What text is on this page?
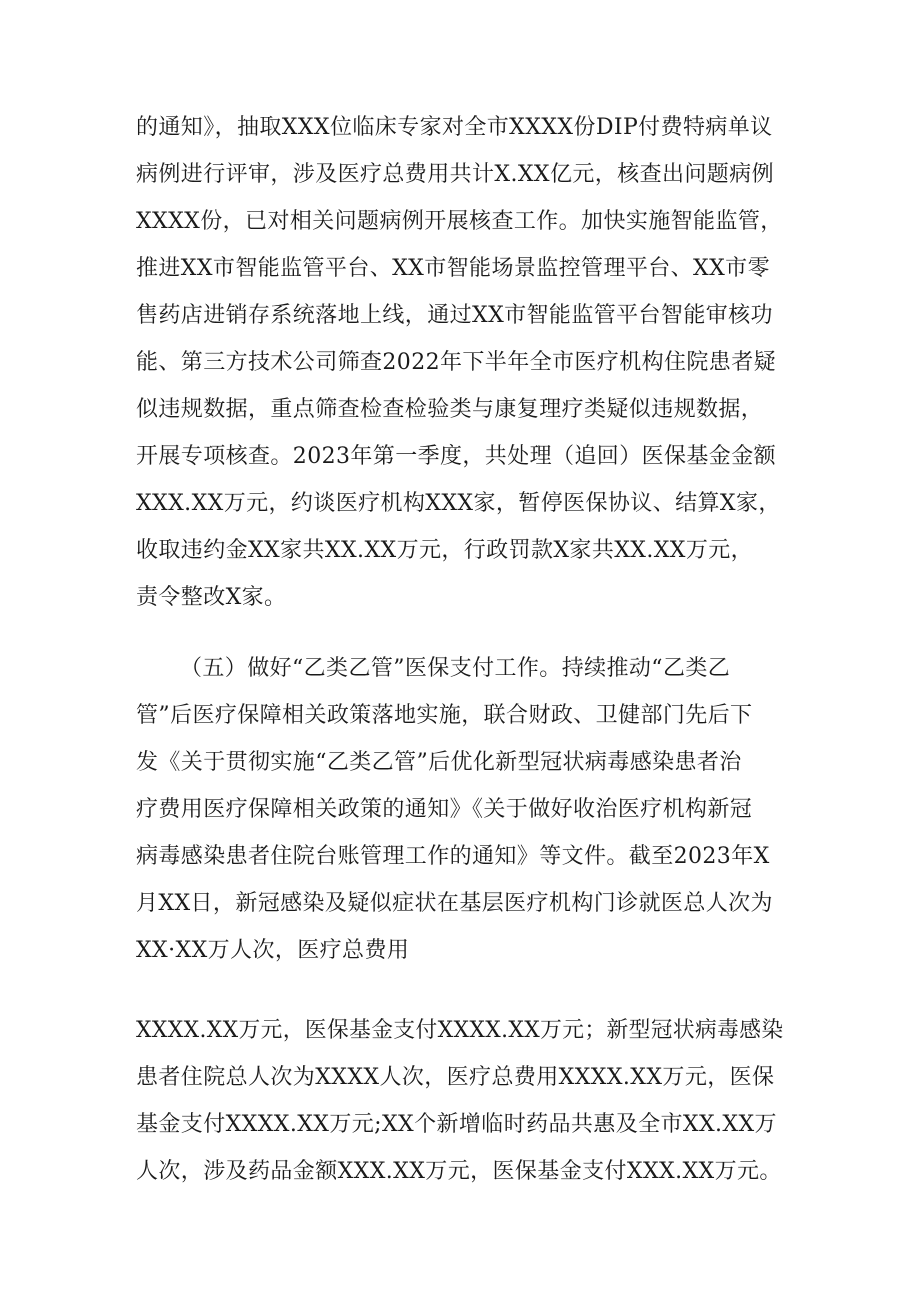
的通知》，抽取XXX位临床专家对全市XXXX份DIP付费特病单议
病例进行评审，涉及医疗总费用共计X.XX亿元，核查出问题病例
XXXX份，已对相关问题病例开展核查工作。加快实施智能监管，
推进XX市智能监管平台、XX市智能场景监控管理平台、XX市零
售药店进销存系统落地上线，通过XX市智能监管平台智能审核功
能、第三方技术公司筛查2022年下半年全市医疗机构住院患者疑
似违规数据，重点筛查检查检验类与康复理疗类疑似违规数据，
开展专项核查。2023年第一季度，共处理（追回）医保基金金额
XXX.XX万元，约谈医疗机构XXX家，暂停医保协议、结算X家，
收取违约金XX家共XX.XX万元，行政罚款X家共XX.XX万元，
责令整改X家。
（五）做好“乙类乙管”医保支付工作。持续推动“乙类乙
管”后医疗保障相关政策落地实施，联合财政、卫健部门先后下
发《关于贯彻实施“乙类乙管”后优化新型冠状病毒感染患者治
疗费用医疗保障相关政策的通知》《关于做好收治医疗机构新冠
病毒感染患者住院台账管理工作的通知》等文件。截至2023年X
月XX日，新冠感染及疑似症状在基层医疗机构门诊就医总人次为
XX·XX万人次，医疗总费用
XXXX.XX万元，医保基金支付XXXX.XX万元；新型冠状病毒感染
患者住院总人次为XXXX人次，医疗总费用XXXX.XX万元，医保
基金支付XXXX.XX万元;XX个新增临时药品共惠及全市XX.XX万
人次，涉及药品金额XXX.XX万元，医保基金支付XXX.XX万元。
